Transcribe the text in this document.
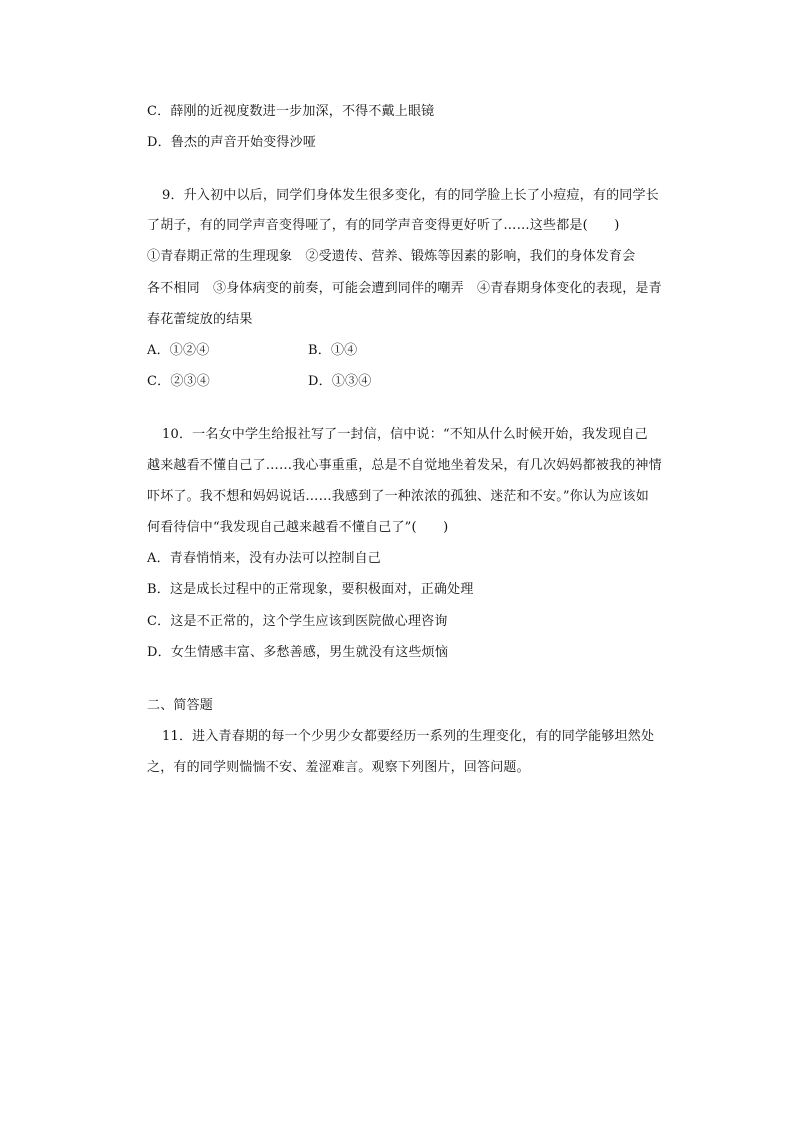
C．薛刚的近视度数进一步加深，不得不戴上眼镜
D．鲁杰的声音开始变得沙哑
9．升入初中以后，同学们身体发生很多变化，有的同学脸上长了小痘痘，有的同学长
了胡子，有的同学声音变得哑了，有的同学声音变得更好听了……这些都是(　　)
①青春期正常的生理现象　②受遗传、营养、锻炼等因素的影响，我们的身体发育会
各不相同　③身体病变的前奏，可能会遭到同伴的嘲弄　④青春期身体变化的表现，是青
春花蕾绽放的结果
A．①②④	B．①④
C．②③④	D．①③④
10．一名女中学生给报社写了一封信，信中说：“不知从什么时候开始，我发现自己
越来越看不懂自己了……我心事重重，总是不自觉地坐着发呆，有几次妈妈都被我的神情
吓坏了。我不想和妈妈说话……我感到了一种浓浓的孤独、迷茫和不安。”你认为应该如
何看待信中“我发现自己越来越看不懂自己了”(　　)
A．青春悄悄来，没有办法可以控制自己
B．这是成长过程中的正常现象，要积极面对，正确处理
C．这是不正常的，这个学生应该到医院做心理咨询
D．女生情感丰富、多愁善感，男生就没有这些烦恼
二、简答题
11．进入青春期的每一个少男少女都要经历一系列的生理变化，有的同学能够坦然处
之，有的同学则惴惴不安、羞涩难言。观察下列图片，回答问题。
